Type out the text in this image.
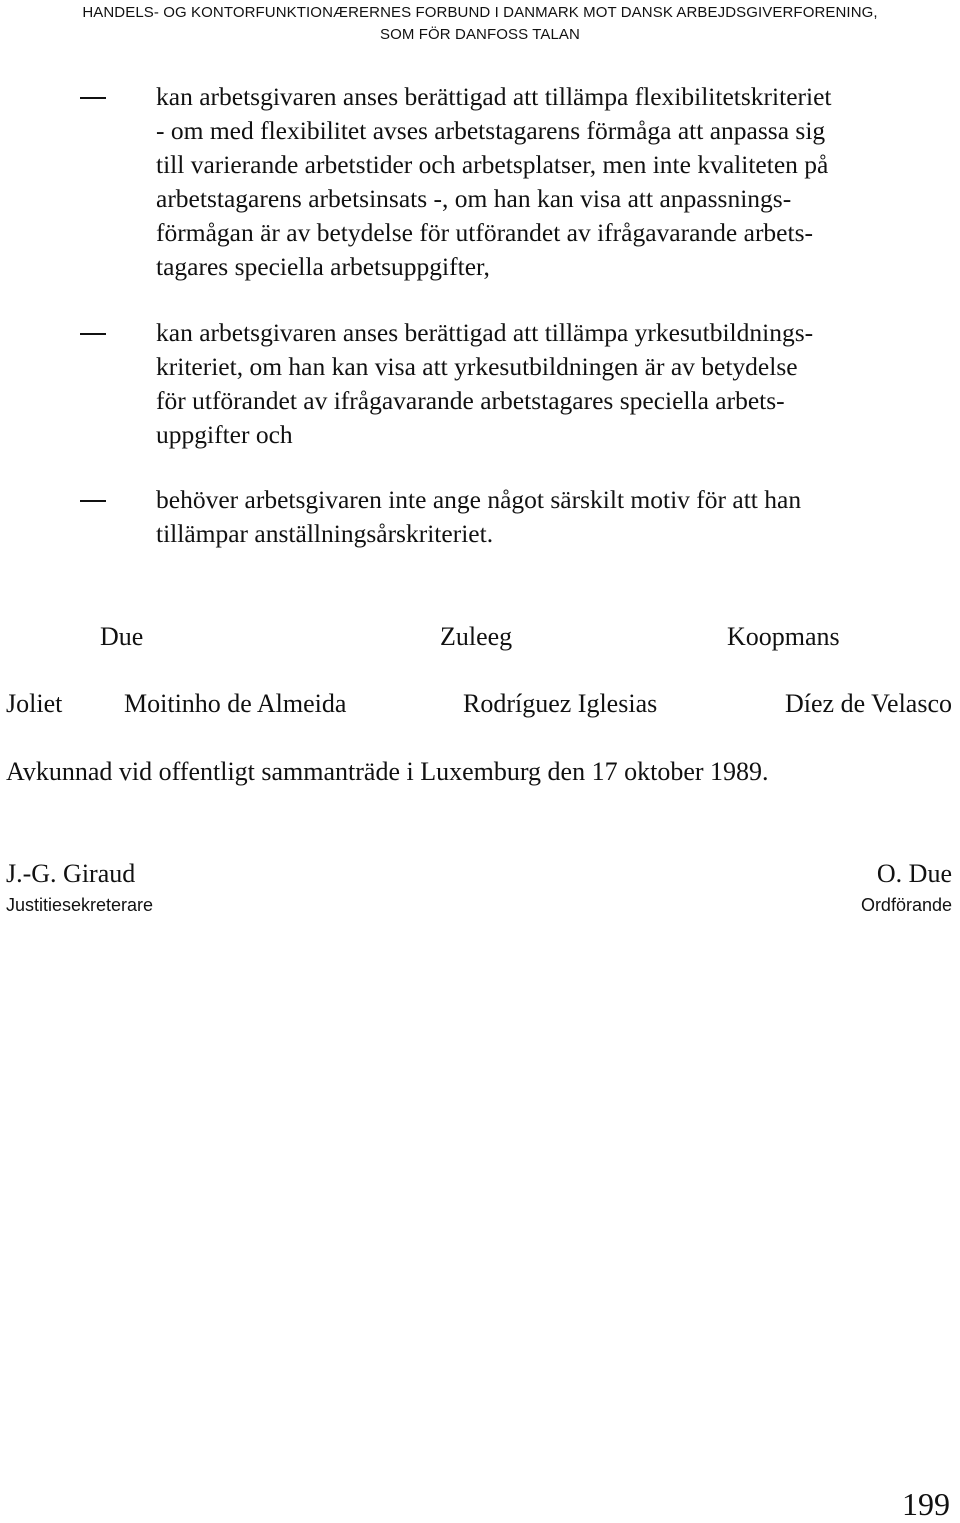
HANDELS- OG KONTORFUNKTIONÆRERNES FORBUND I DANMARK MOT DANSK ARBEJDSGIVERFORENING,
SOM FÖR DANFOSS TALAN
kan arbetsgivaren anses berättigad att tillämpa flexibilitetskriteriet
- om med flexibilitet avses arbetstagarens förmåga att anpassa sig
till varierande arbetstider och arbetsplatser, men inte kvaliteten på
arbetstagarens arbetsinsats -, om han kan visa att anpassnings-
förmågan är av betydelse för utförandet av ifrågavarande arbets-
tagares speciella arbetsuppgifter,
kan arbetsgivaren anses berättigad att tillämpa yrkesutbildnings-
kriteriet, om han kan visa att yrkesutbildningen är av betydelse
för utförandet av ifrågavarande arbetstagares speciella arbets-
uppgifter och
behöver arbetsgivaren inte ange något särskilt motiv för att han
tillämpar anställningsårskriteriet.
Due	Zuleeg	Koopmans
Joliet Moitinho de Almeida	Rodríguez Iglesias	Díez de Velasco
Avkunnad vid offentligt sammanträde i Luxemburg den 17 oktober 1989.
J.-G. Giraud
Justitiesekreterare
O. Due
Ordförande
199
